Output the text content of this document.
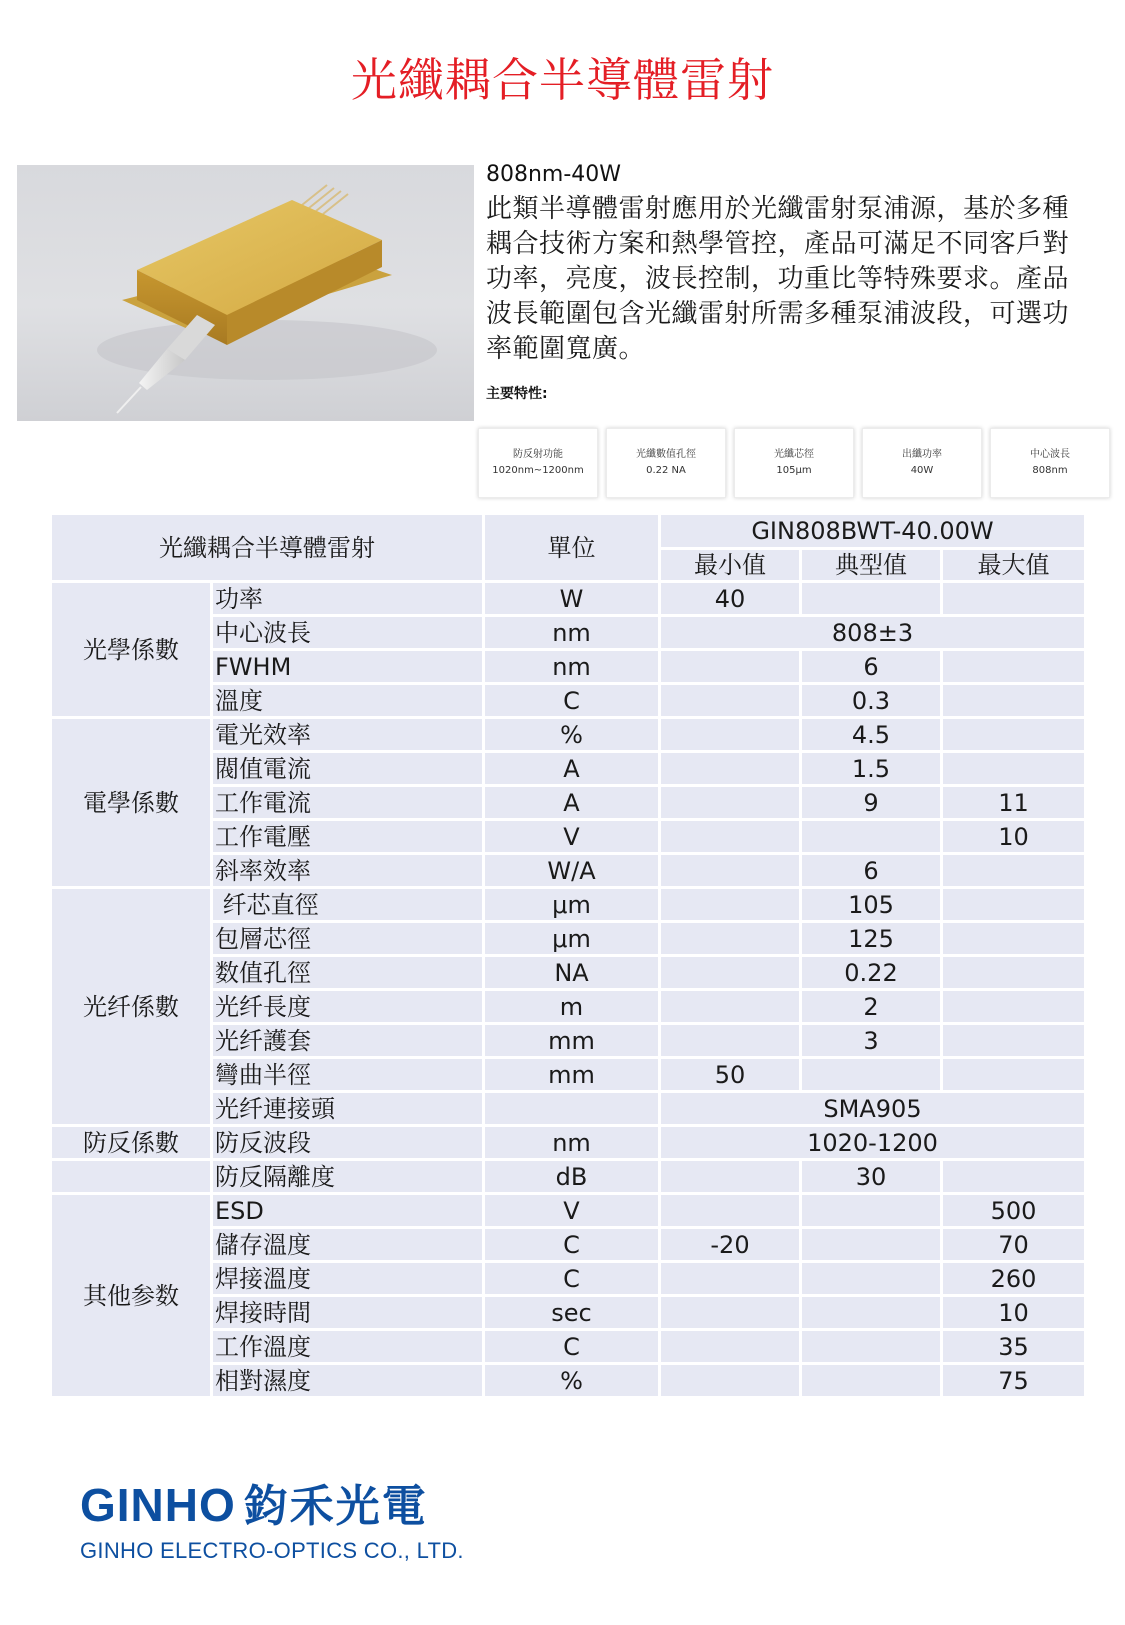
光纖耦合半導體雷射
808nm-40W
此類半導體雷射應用於光纖雷射泵浦源，基於多種耦合技術方案和熱學管控，產品可滿足不同客戶對功率，亮度，波長控制，功重比等特殊要求。產品波長範圍包含光纖雷射所需多種泵浦波段，可選功率範圍寬廣。
主要特性:
防反射功能
1020nm~1200nm
光纖數值孔徑
0.22 NA
光纖芯徑
105μm
出纖功率
40W
中心波長
808nm
光纖耦合半導體雷射		單位	GIN808BWT-40.00W		
			最小值	典型值	最大值
光學係數	功率	W	40		
	中心波長	nm	808±3		
	FWHM	nm		6	
	溫度	C		0.3	
電學係數	電光效率	%		4.5	
	閥值電流	A		1.5	
	工作電流	A		9	11
	工作電壓	V			10
	斜率效率	W/A		6	
光纤係數	纤芯直徑	μm		105	
	包層芯徑	μm		125	
	数值孔徑	NA		0.22	
	光纤長度	m		2	
	光纤護套	mm		3	
	彎曲半徑	mm	50		
	光纤連接頭		SMA905		
防反係數	防反波段	nm	1020-1200		
	防反隔離度	dB		30	
其他参数	ESD	V			500
	儲存溫度	C	-20		70
	焊接溫度	C			260
	焊接時間	sec			10
	工作溫度	C			35
	相對濕度	%			75
GINHO 鈞禾光電
GINHO ELECTRO-OPTICS CO., LTD.
